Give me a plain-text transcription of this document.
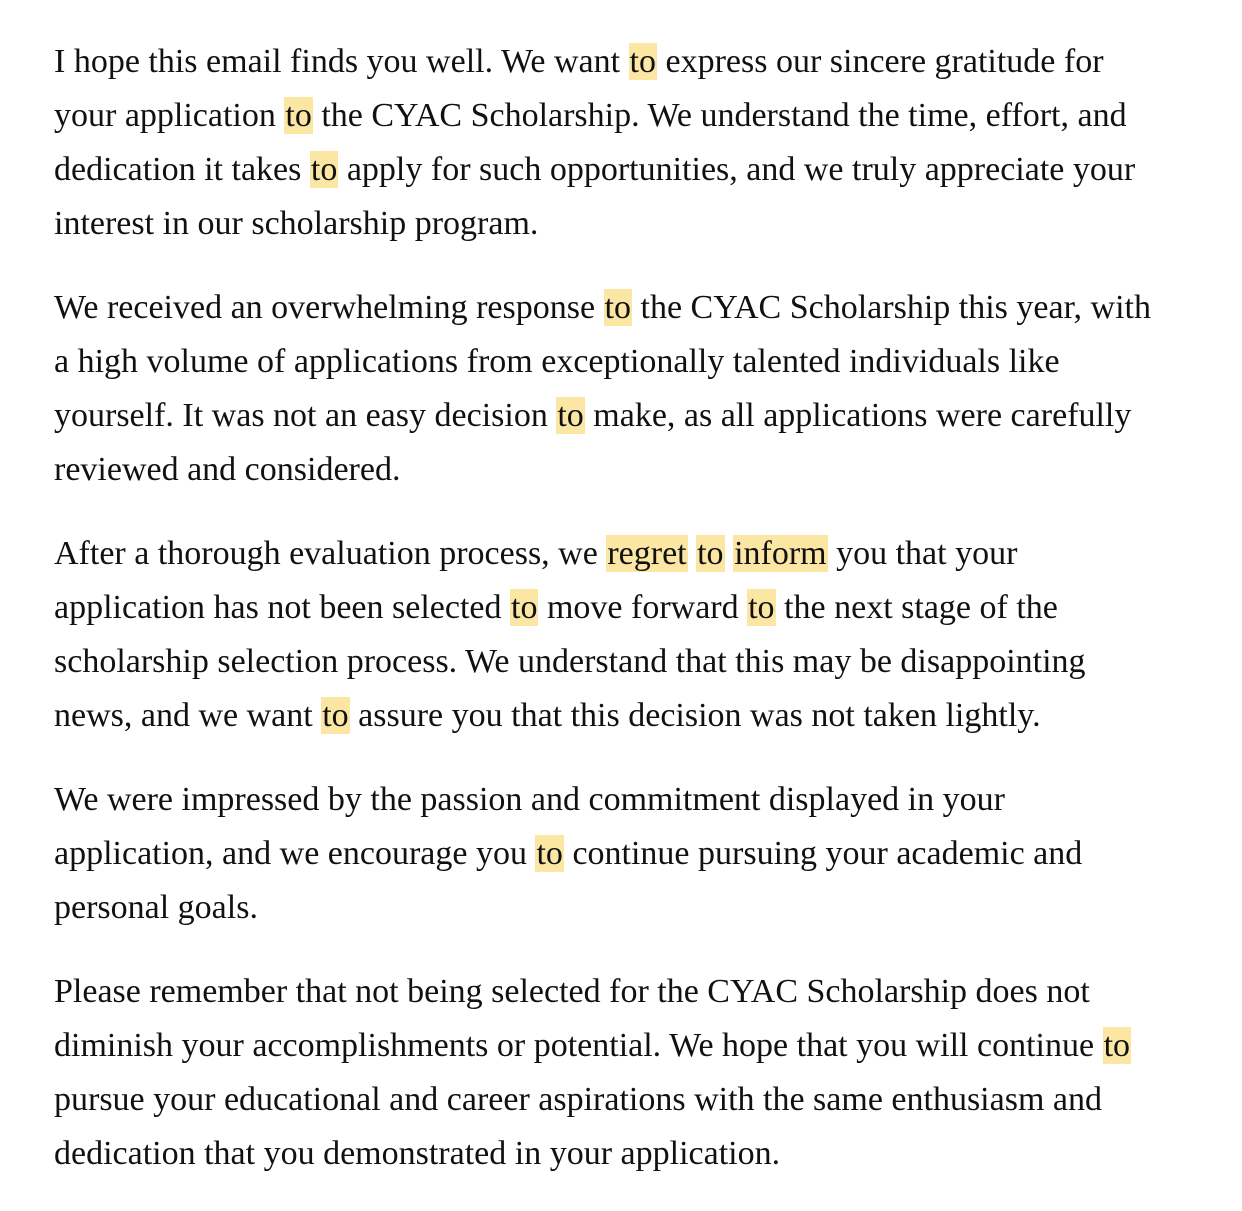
I hope this email finds you well. We want to express our sincere gratitude for
your application to the CYAC Scholarship. We understand the time, effort, and
dedication it takes to apply for such opportunities, and we truly appreciate your
interest in our scholarship program.

We received an overwhelming response to the CYAC Scholarship this year, with
a high volume of applications from exceptionally talented individuals like
yourself. It was not an easy decision to make, as all applications were carefully
reviewed and considered.

After a thorough evaluation process, we regret to inform you that your
application has not been selected to move forward to the next stage of the
scholarship selection process. We understand that this may be disappointing
news, and we want to assure you that this decision was not taken lightly.

We were impressed by the passion and commitment displayed in your
application, and we encourage you to continue pursuing your academic and
personal goals.

Please remember that not being selected for the CYAC Scholarship does not
diminish your accomplishments or potential. We hope that you will continue to
pursue your educational and career aspirations with the same enthusiasm and
dedication that you demonstrated in your application.
